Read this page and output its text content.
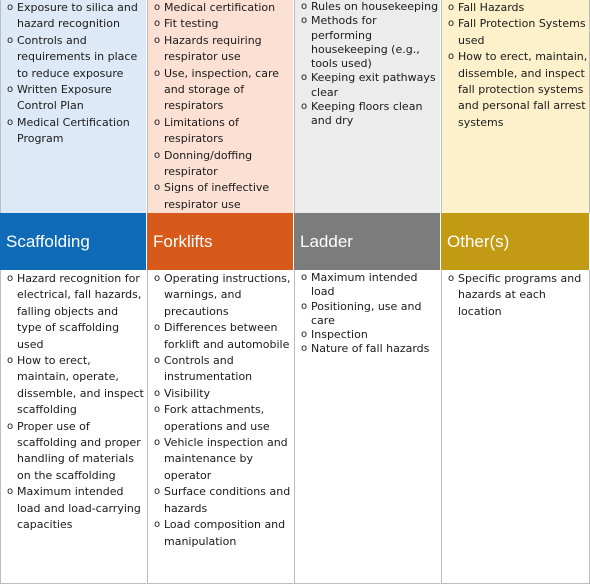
o Exposure to silica and hazard recognition
o Controls and requirements in place to reduce exposure
o Written Exposure Control Plan
o Medical Certification Program
o Medical certification
o Fit testing
o Hazards requiring respirator use
o Use, inspection, care and storage of respirators
o Limitations of respirators
o Donning/doffing respirator
o Signs of ineffective respirator use
o Rules on housekeeping
o Methods for performing housekeeping (e.g., tools used)
o Keeping exit pathways clear
o Keeping floors clean and dry
o Fall Hazards
o Fall Protection Systems used
o How to erect, maintain, dissemble, and inspect fall protection systems and personal fall arrest systems
Scaffolding	Forklifts	Ladder	Other(s)
o Hazard recognition for electrical, fall hazards, falling objects and type of scaffolding used
o How to erect, maintain, operate, dissemble, and inspect scaffolding
o Proper use of scaffolding and proper handling of materials on the scaffolding
o Maximum intended load and load-carrying capacities
o Operating instructions, warnings, and precautions
o Differences between forklift and automobile
o Controls and instrumentation
o Visibility
o Fork attachments, operations and use
o Vehicle inspection and maintenance by operator
o Surface conditions and hazards
o Load composition and manipulation
o Maximum intended load
o Positioning, use and care
o Inspection
o Nature of fall hazards
o Specific programs and hazards at each location
